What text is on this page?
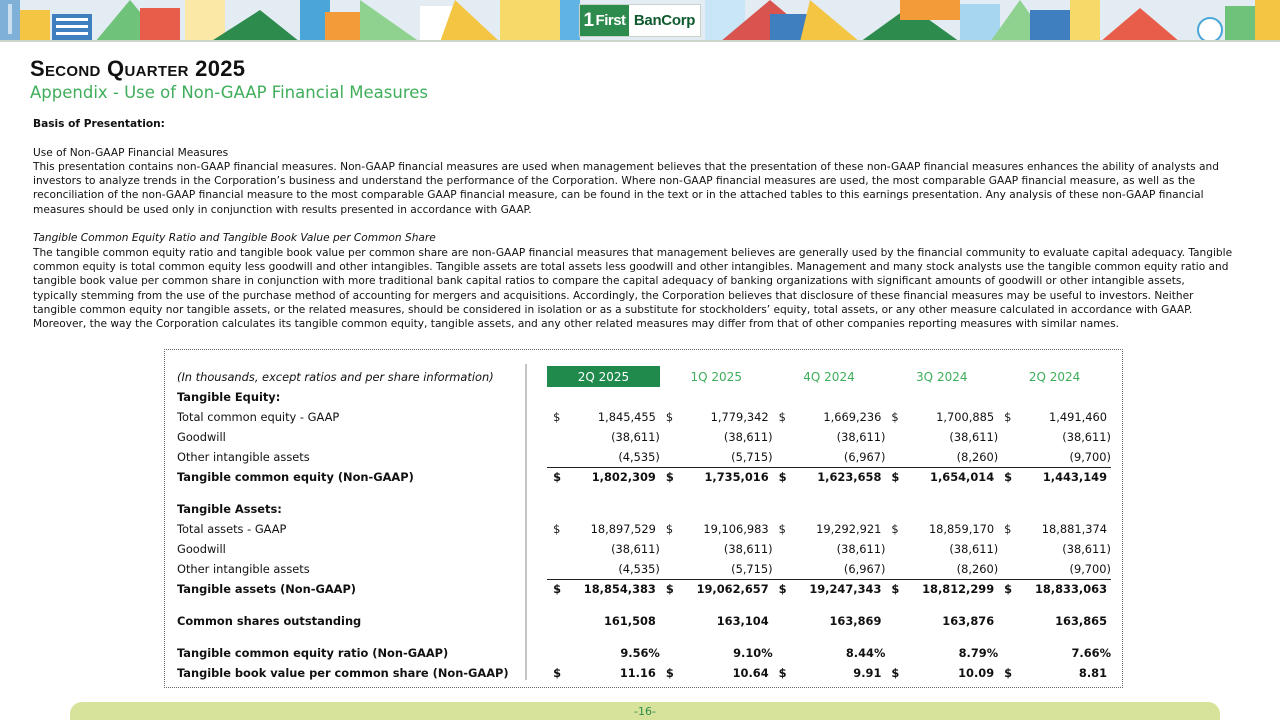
1 First BanCorp
Second Quarter 2025
Appendix - Use of Non-GAAP Financial Measures
Basis of Presentation:
Use of Non-GAAP Financial Measures
This presentation contains non-GAAP financial measures. Non-GAAP financial measures are used when management believes that the presentation of these non-GAAP financial measures enhances the ability of analysts and
investors to analyze trends in the Corporation’s business and understand the performance of the Corporation. Where non-GAAP financial measures are used, the most comparable GAAP financial measure, as well as the
reconciliation of the non-GAAP financial measure to the most comparable GAAP financial measure, can be found in the text or in the attached tables to this earnings presentation. Any analysis of these non-GAAP financial
measures should be used only in conjunction with results presented in accordance with GAAP.
Tangible Common Equity Ratio and Tangible Book Value per Common Share
The tangible common equity ratio and tangible book value per common share are non-GAAP financial measures that management believes are generally used by the financial community to evaluate capital adequacy. Tangible
common equity is total common equity less goodwill and other intangibles. Tangible assets are total assets less goodwill and other intangibles. Management and many stock analysts use the tangible common equity ratio and
tangible book value per common share in conjunction with more traditional bank capital ratios to compare the capital adequacy of banking organizations with significant amounts of goodwill or other intangible assets,
typically stemming from the use of the purchase method of accounting for mergers and acquisitions. Accordingly, the Corporation believes that disclosure of these financial measures may be useful to investors. Neither
tangible common equity nor tangible assets, or the related measures, should be considered in isolation or as a substitute for stockholders’ equity, total assets, or any other measure calculated in accordance with GAAP.
Moreover, the way the Corporation calculates its tangible common equity, tangible assets, and any other related measures may differ from that of other companies reporting measures with similar names.
(In thousands, except ratios and per share information)		2Q 2025		1Q 2025		4Q 2024		3Q 2024		2Q 2024	
Tangible Equity:											
Total common equity - GAAP		$	1,845,455	$	1,779,342	$	1,669,236	$	1,700,885	$	1,491,460
Goodwill			(38,611)		(38,611)		(38,611)		(38,611)		(38,611)
Other intangible assets			(4,535)		(5,715)		(6,967)		(8,260)		(9,700)
Tangible common equity (Non-GAAP)		$	1,802,309	$	1,735,016	$	1,623,658	$	1,654,014	$	1,443,149

Tangible Assets:											
Total assets - GAAP		$	18,897,529	$	19,106,983	$	19,292,921	$	18,859,170	$	18,881,374
Goodwill			(38,611)		(38,611)		(38,611)		(38,611)		(38,611)
Other intangible assets			(4,535)		(5,715)		(6,967)		(8,260)		(9,700)
Tangible assets (Non-GAAP)		$	18,854,383	$	19,062,657	$	19,247,343	$	18,812,299	$	18,833,063

Common shares outstanding			161,508		163,104		163,869		163,876		163,865

Tangible common equity ratio (Non-GAAP)			9.56%		9.10%		8.44%		8.79%		7.66%
Tangible book value per common share (Non-GAAP)		$	11.16	$	10.64	$	9.91	$	10.09	$	8.81
-16-
